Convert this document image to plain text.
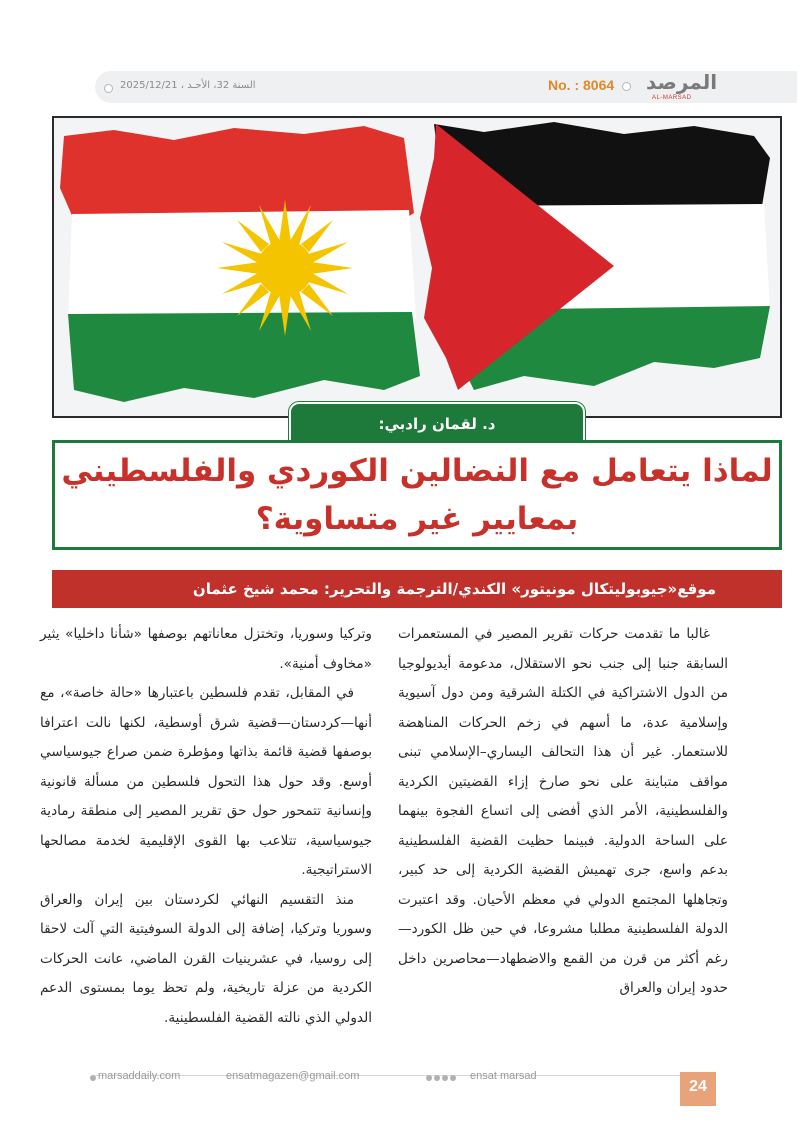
السنة 32، الأحـد ، 2025/12/21	No. : 8064 المرصد
AL-MARSAD
د. لقمان رادبي:
لماذا يتعامل مع النضالين الكوردي والفلسطيني
بمعايير غير متساوية؟
موقع«جيوبوليتكال مونيتور» الكندي/الترجمة والتحرير: محمد شيخ عثمان

غالبا ما تقدمت حركات تقرير المصير في المستعمرات السابقة جنبا إلى جنب نحو الاستقلال، مدعومة أيديولوجيا من الدول الاشتراكية في الكتلة الشرقية ومن دول آسيوية وإسلامية عدة، ما أسهم في زخم الحركات المناهضة للاستعمار. غير أن هذا التحالف اليساري–الإسلامي تبنى مواقف متباينة على نحو صارخ إزاء القضيتين الكردية والفلسطينية، الأمر الذي أفضى إلى اتساع الفجوة بينهما على الساحة الدولية. فبينما حظيت القضية الفلسطينية بدعم واسع، جرى تهميش القضية الكردية إلى حد كبير، وتجاهلها المجتمع الدولي في معظم الأحيان. وقد اعتبرت الدولة الفلسطينية مطلبا مشروعا، في حين ظل الكورد—رغم أكثر من قرن من القمع والاضطهاد—محاصرين داخل حدود إيران والعراق

وتركيا وسوريا، وتختزل معاناتهم بوصفها «شأنا داخليا» يثير «مخاوف أمنية».

في المقابل، تقدم فلسطين باعتبارها «حالة خاصة»، مع أنها—كردستان—قضية شرق أوسطية، لكنها نالت اعترافا بوصفها قضية قائمة بذاتها ومؤطرة ضمن صراع جيوسياسي أوسع. وقد حول هذا التحول فلسطين من مسألة قانونية وإنسانية تتمحور حول حق تقرير المصير إلى منطقة رمادية جيوسياسية، تتلاعب بها القوى الإقليمية لخدمة مصالحها الاستراتيجية.

منذ التقسيم النهائي لكردستان بين إيران والعراق وسوريا وتركيا، إضافة إلى الدولة السوفيتية التي آلت لاحقا إلى روسيا، في عشرينيات القرن الماضي، عانت الحركات الكردية من عزلة تاريخية، ولم تحظ يوما بمستوى الدعم الدولي الذي نالته القضية الفلسطينية.

marsaddaily.com	ensatmagazen@gmail.com	ensat marsad
24
